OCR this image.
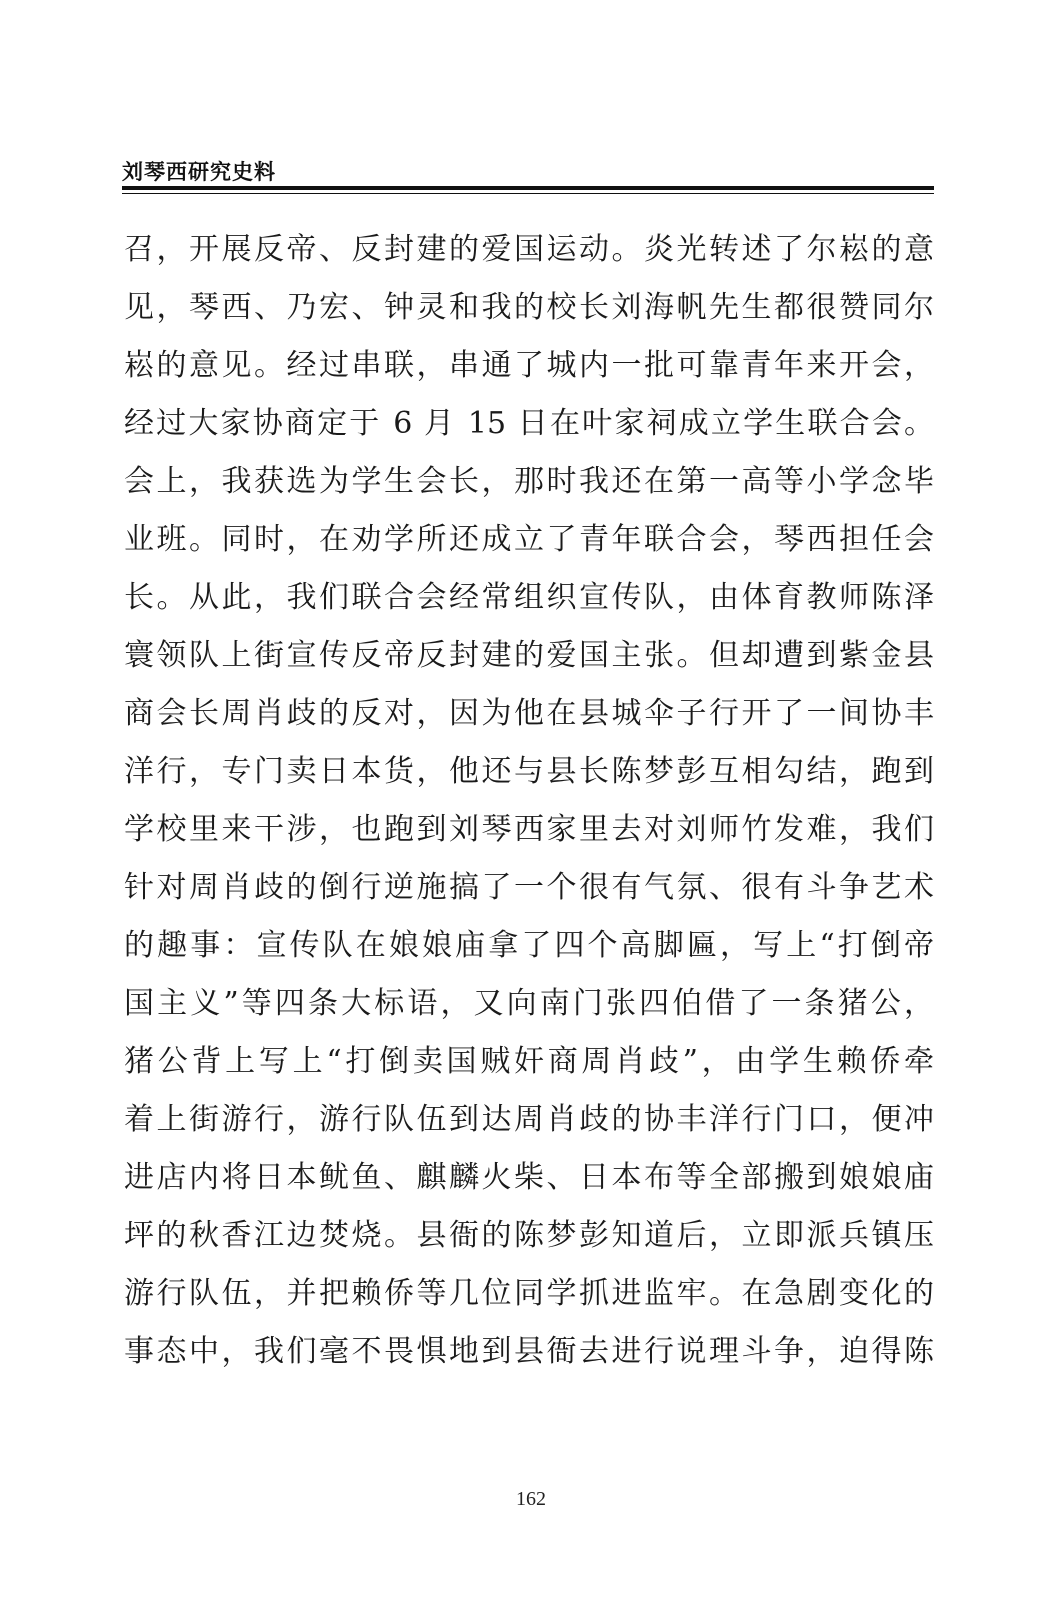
刘琴西研究史料
召，开展反帝、反封建的爱国运动。炎光转述了尔崧的意
见，琴西、乃宏、钟灵和我的校长刘海帆先生都很赞同尔
崧的意见。经过串联，串通了城内一批可靠青年来开会，
经过大家协商定于 6 月 15 日在叶家祠成立学生联合会。
会上，我获选为学生会长，那时我还在第一高等小学念毕
业班。同时，在劝学所还成立了青年联合会，琴西担任会
长。从此，我们联合会经常组织宣传队，由体育教师陈泽
寰领队上街宣传反帝反封建的爱国主张。但却遭到紫金县
商会长周肖歧的反对，因为他在县城伞子行开了一间协丰
洋行，专门卖日本货，他还与县长陈梦彭互相勾结，跑到
学校里来干涉，也跑到刘琴西家里去对刘师竹发难，我们
针对周肖歧的倒行逆施搞了一个很有气氛、很有斗争艺术
的趣事：宣传队在娘娘庙拿了四个高脚匾，写上“打倒帝
国主义”等四条大标语，又向南门张四伯借了一条猪公，
猪公背上写上“打倒卖国贼奸商周肖歧”，由学生赖侨牵
着上街游行，游行队伍到达周肖歧的协丰洋行门口，便冲
进店内将日本鱿鱼、麒麟火柴、日本布等全部搬到娘娘庙
坪的秋香江边焚烧。县衙的陈梦彭知道后，立即派兵镇压
游行队伍，并把赖侨等几位同学抓进监牢。在急剧变化的
事态中，我们毫不畏惧地到县衙去进行说理斗争，迫得陈
162
